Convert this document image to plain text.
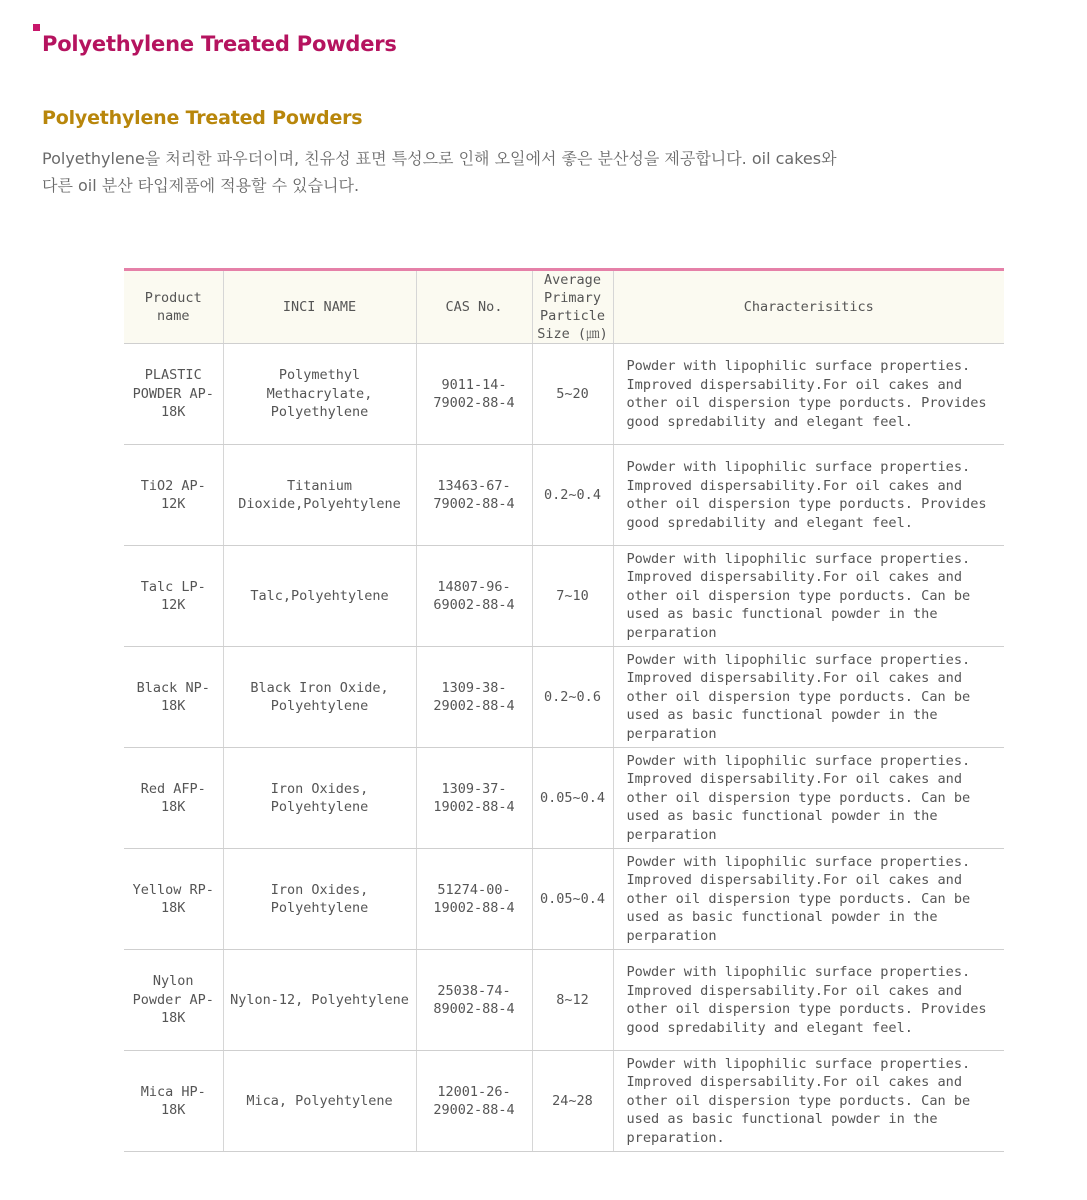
Polyethylene Treated Powders
Polyethylene Treated Powders

Polyethylene을 처리한 파우더이며, 친유성 표면 특성으로 인해 오일에서 좋은 분산성을 제공합니다. oil cakes와
다른 oil 분산 타입제품에 적용할 수 있습니다.

Product name	INCI NAME	CAS No.	Average Primary Particle Size (㎛)	Characterisitics
PLASTIC POWDER AP-18K	Polymethyl Methacrylate, Polyethylene	9011-14-79002-88-4	5~20	Powder with lipophilic surface properties. Improved dispersability.For oil cakes and other oil dispersion type porducts. Provides good spredability and elegant feel.
TiO2 AP-12K	Titanium Dioxide,Polyehtylene	13463-67-79002-88-4	0.2~0.4	Powder with lipophilic surface properties. Improved dispersability.For oil cakes and other oil dispersion type porducts. Provides good spredability and elegant feel.
Talc LP-12K	Talc,Polyehtylene	14807-96-69002-88-4	7~10	Powder with lipophilic surface properties. Improved dispersability.For oil cakes and other oil dispersion type porducts. Can be used as basic functional powder in the perparation
Black NP-18K	Black Iron Oxide, Polyehtylene	1309-38-29002-88-4	0.2~0.6	Powder with lipophilic surface properties. Improved dispersability.For oil cakes and other oil dispersion type porducts. Can be used as basic functional powder in the perparation
Red AFP-18K	Iron Oxides, Polyehtylene	1309-37-19002-88-4	0.05~0.4	Powder with lipophilic surface properties. Improved dispersability.For oil cakes and other oil dispersion type porducts. Can be used as basic functional powder in the perparation
Yellow RP-18K	Iron Oxides, Polyehtylene	51274-00-19002-88-4	0.05~0.4	Powder with lipophilic surface properties. Improved dispersability.For oil cakes and other oil dispersion type porducts. Can be used as basic functional powder in the perparation
Nylon Powder AP-18K	Nylon-12, Polyehtylene	25038-74-89002-88-4	8~12	Powder with lipophilic surface properties. Improved dispersability.For oil cakes and other oil dispersion type porducts. Provides good spredability and elegant feel.
Mica HP-18K	Mica, Polyehtylene	12001-26-29002-88-4	24~28	Powder with lipophilic surface properties. Improved dispersability.For oil cakes and other oil dispersion type porducts. Can be used as basic functional powder in the preparation.
